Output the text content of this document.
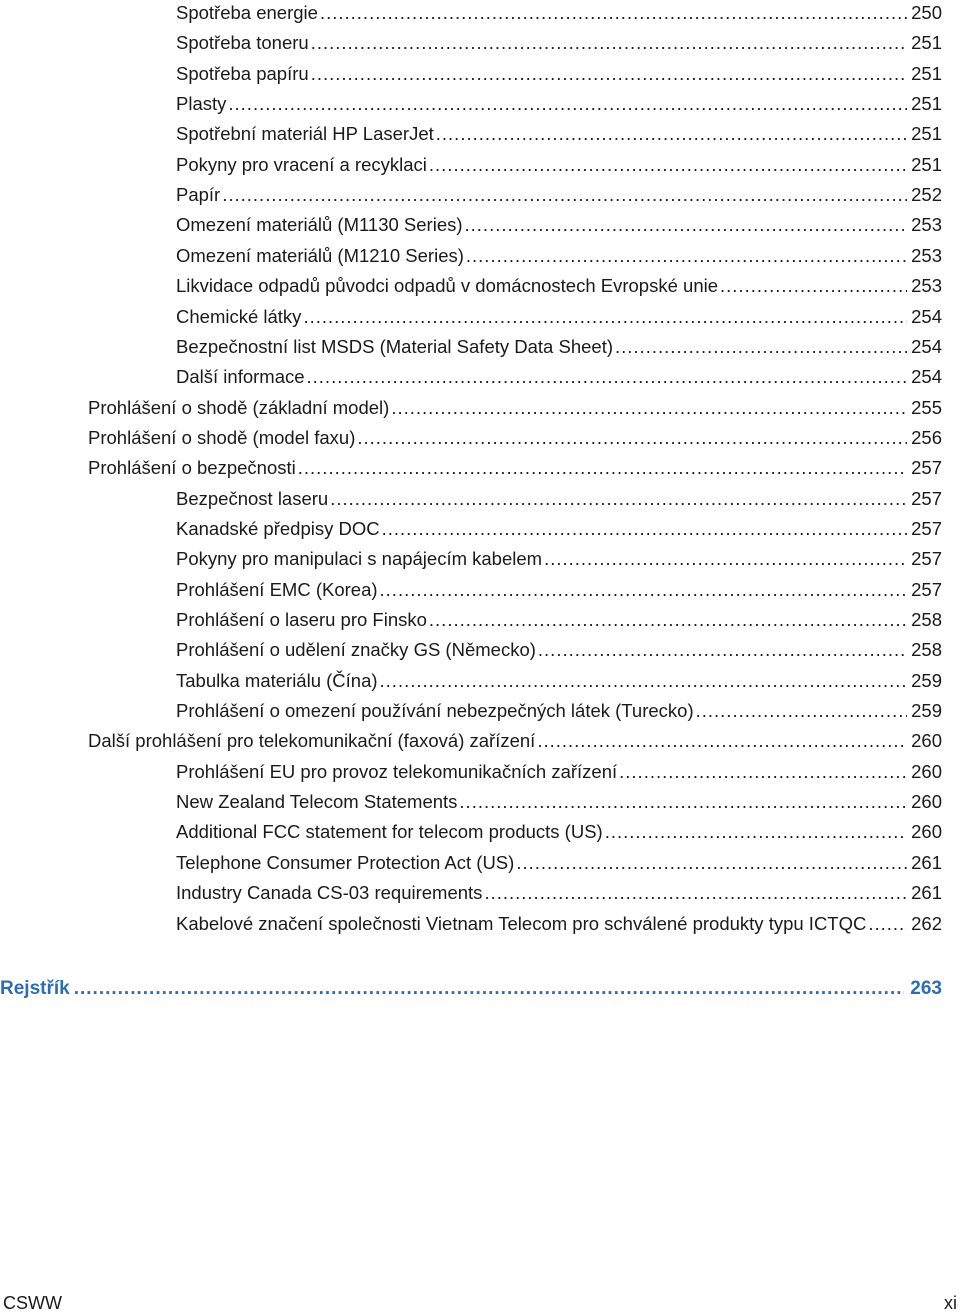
Spotřeba energie .....	250
Spotřeba toneru .....	251
Spotřeba papíru .....	251
Plasty .....	251
Spotřební materiál HP LaserJet .....	251
Pokyny pro vracení a recyklaci .....	251
Papír .....	252
Omezení materiálů (M1130 Series) .....	253
Omezení materiálů (M1210 Series) .....	253
Likvidace odpadů původci odpadů v domácnostech Evropské unie .....	253
Chemické látky .....	254
Bezpečnostní list MSDS (Material Safety Data Sheet) .....	254
Další informace .....	254
Prohlášení o shodě (základní model) .....	255
Prohlášení o shodě (model faxu) .....	256
Prohlášení o bezpečnosti .....	257
Bezpečnost laseru .....	257
Kanadské předpisy DOC .....	257
Pokyny pro manipulaci s napájecím kabelem .....	257
Prohlášení EMC (Korea) .....	257
Prohlášení o laseru pro Finsko .....	258
Prohlášení o udělení značky GS (Německo) .....	258
Tabulka materiálu (Čína) .....	259
Prohlášení o omezení používání nebezpečných látek (Turecko) .....	259
Další prohlášení pro telekomunikační (faxová) zařízení .....	260
Prohlášení EU pro provoz telekomunikačních zařízení .....	260
New Zealand Telecom Statements .....	260
Additional FCC statement for telecom products (US) .....	260
Telephone Consumer Protection Act (US) .....	261
Industry Canada CS-03 requirements .....	261
Kabelové značení společnosti Vietnam Telecom pro schválené produkty typu ICTQC ..... 262
Rejstřík .....	263
CSWW	xi
